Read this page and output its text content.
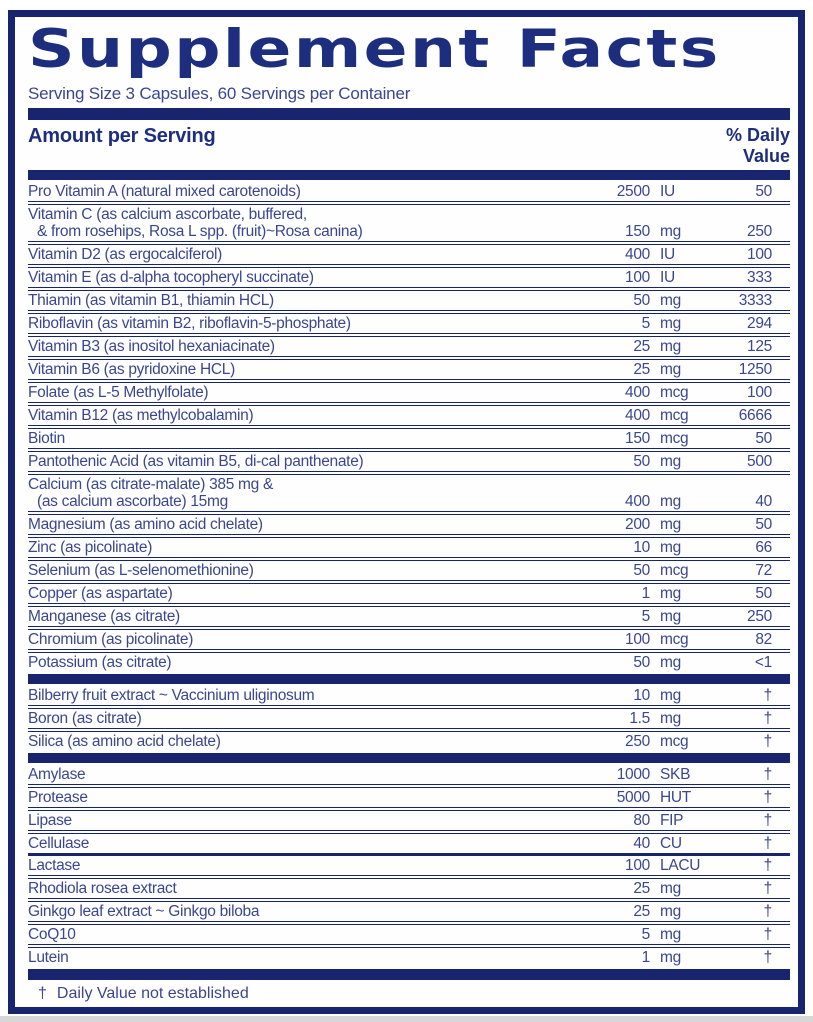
Supplement Facts
Serving Size 3 Capsules, 60 Servings per Container
Amount per Serving	% Daily
Value
Pro Vitamin A (natural mixed carotenoids)	2500 IU	50
Vitamin C (as calcium ascorbate, buffered,
& from rosehips, Rosa L spp. (fruit)~Rosa canina)	150 mg	250
Vitamin D2 (as ergocalciferol)	400 IU	100
Vitamin E (as d-alpha tocopheryl succinate)	100 IU	333
Thiamin (as vitamin B1, thiamin HCL)	50 mg	3333
Riboflavin (as vitamin B2, riboflavin-5-phosphate)	5 mg	294
Vitamin B3 (as inositol hexaniacinate)	25 mg	125
Vitamin B6 (as pyridoxine HCL)	25 mg	1250
Folate (as L-5 Methylfolate)	400 mcg	100
Vitamin B12 (as methylcobalamin)	400 mcg	6666
Biotin	150 mcg	50
Pantothenic Acid (as vitamin B5, di-cal panthenate)	50 mg	500
Calcium (as citrate-malate) 385 mg &
(as calcium ascorbate) 15mg	400 mg	40
Magnesium (as amino acid chelate)	200 mg	50
Zinc (as picolinate)	10 mg	66
Selenium (as L-selenomethionine)	50 mcg	72
Copper (as aspartate)	1 mg	50
Manganese (as citrate)	5 mg	250
Chromium (as picolinate)	100 mcg	82
Potassium (as citrate)	50 mg	<1
Bilberry fruit extract ~ Vaccinium uliginosum	10 mg	†
Boron (as citrate)	1.5 mg	†
Silica (as amino acid chelate)	250 mcg	†
Amylase	1000 SKB	†
Protease	5000 HUT	†
Lipase	80 FIP	†
Cellulase	40 CU	†
Lactase	100 LACU	†
Rhodiola rosea extract	25 mg	†
Ginkgo leaf extract ~ Ginkgo biloba	25 mg	†
CoQ10	5 mg	†
Lutein	1 mg	†
† Daily Value not established
